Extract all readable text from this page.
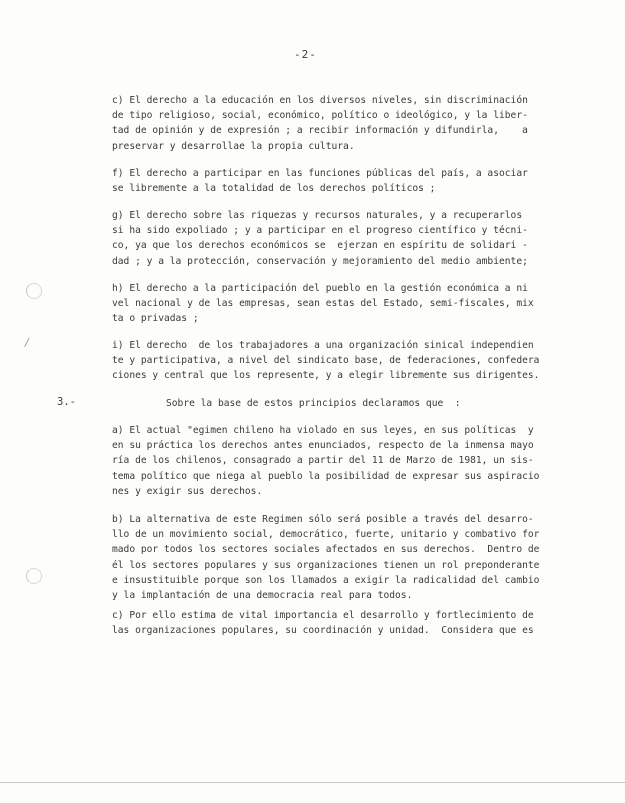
-2-

c) El derecho a la educación en los diversos niveles, sin discriminación
de tipo religioso, social, económico, político o ideológico, y la liber-
tad de opinión y de expresión ; a recibir información y difundirla,    a
preservar y desarrollae la propia cultura.

f) El derecho a participar en las funciones públicas del país, a asociar
se libremente a la totalidad de los derechos políticos ;

g) El derecho sobre las riquezas y recursos naturales, y a recuperarlos
si ha sido expoliado ; y a participar en el progreso científico y técni-
co, ya que los derechos económicos se  ejerzan en espíritu de solidari -
dad ; y a la protección, conservación y mejoramiento del medio ambiente;

h) El derecho a la participación del pueblo en la gestión económica a ni
vel nacional y de las empresas, sean estas del Estado, semi-fiscales, mix
ta o privadas ;

i) El derecho  de los trabajadores a una organización sinical independien
te y participativa, a nivel del sindicato base, de federaciones, confedera
ciones y central que los represente, y a elegir libremente sus dirigentes.

3.-	Sobre la base de estos principios declaramos que  :

a) El actual "egimen chileno ha violado en sus leyes, en sus políticas  y
en su práctica los derechos antes enunciados, respecto de la inmensa mayo
ría de los chilenos, consagrado a partir del 11 de Marzo de 1981, un sis-
tema político que niega al pueblo la posibilidad de expresar sus aspiracio
nes y exigir sus derechos.

b) La alternativa de este Regimen sólo será posible a través del desarro-
llo de un movimiento social, democrático, fuerte, unitario y combativo for
mado por todos los sectores sociales afectados en sus derechos.  Dentro de
él los sectores populares y sus organizaciones tienen un rol preponderante
e insustituible porque son los llamados a exigir la radicalidad del cambio
y la implantación de una democracia real para todos.

c) Por ello estima de vital importancia el desarrollo y fortlecimiento de
las organizaciones populares, su coordinación y unidad.  Considera que es

/
